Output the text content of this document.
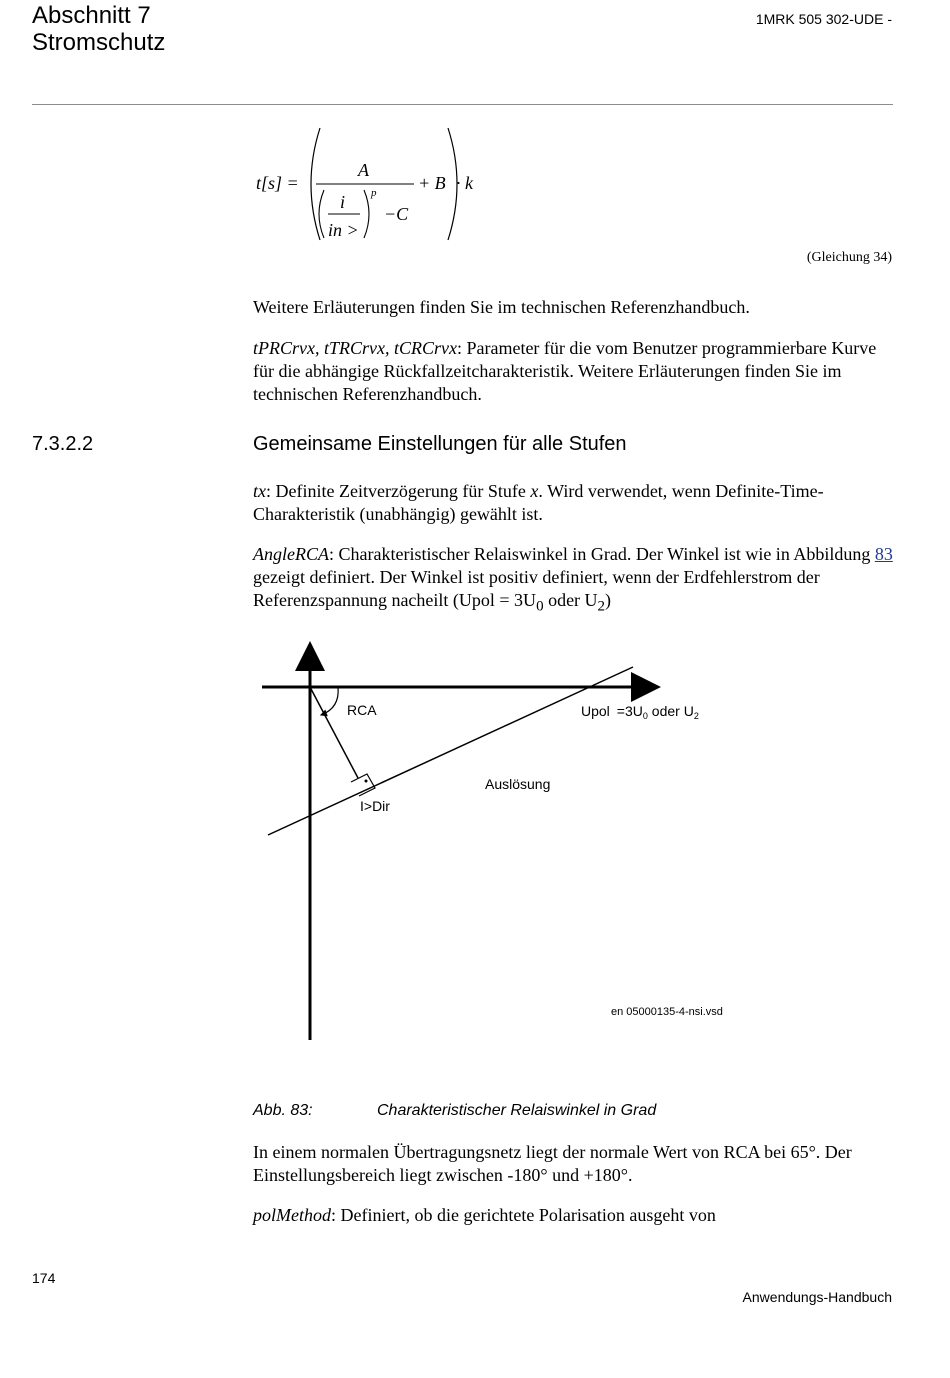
Abschnitt 7
Stromschutz
1MRK 505 302-UDE -
t[s] =
A
+ B · k
i
in >
p
−C
(Gleichung 34)
Weitere Erläuterungen finden Sie im technischen Referenzhandbuch.
tPRCrvx, tTRCrvx, tCRCrvx: Parameter für die vom Benutzer programmierbare Kurve für die abhängige Rückfallzeitcharakteristik. Weitere Erläuterungen finden Sie im technischen Referenzhandbuch.
7.3.2.2	Gemeinsame Einstellungen für alle Stufen
tx: Definite Zeitverzögerung für Stufe x. Wird verwendet, wenn Definite-Time-Charakteristik (unabhängig) gewählt ist.
AngleRCA: Charakteristischer Relaiswinkel in Grad. Der Winkel ist wie in Abbildung 83 gezeigt definiert. Der Winkel ist positiv definiert, wenn der Erdfehlerstrom der Referenzspannung nacheilt (Upol = $3U_0$ oder $U_2$)
RCA	Upol $=3U_0$ oder $U_2$
Auslösung
I>Dir
en 05000135-4-nsi.vsd
Abb. 83:	Charakteristischer Relaiswinkel in Grad
In einem normalen Übertragungsnetz liegt der normale Wert von RCA bei 65°. Der Einstellungsbereich liegt zwischen -180° und +180°.
polMethod: Definiert, ob die gerichtete Polarisation ausgeht von
174
Anwendungs-Handbuch
